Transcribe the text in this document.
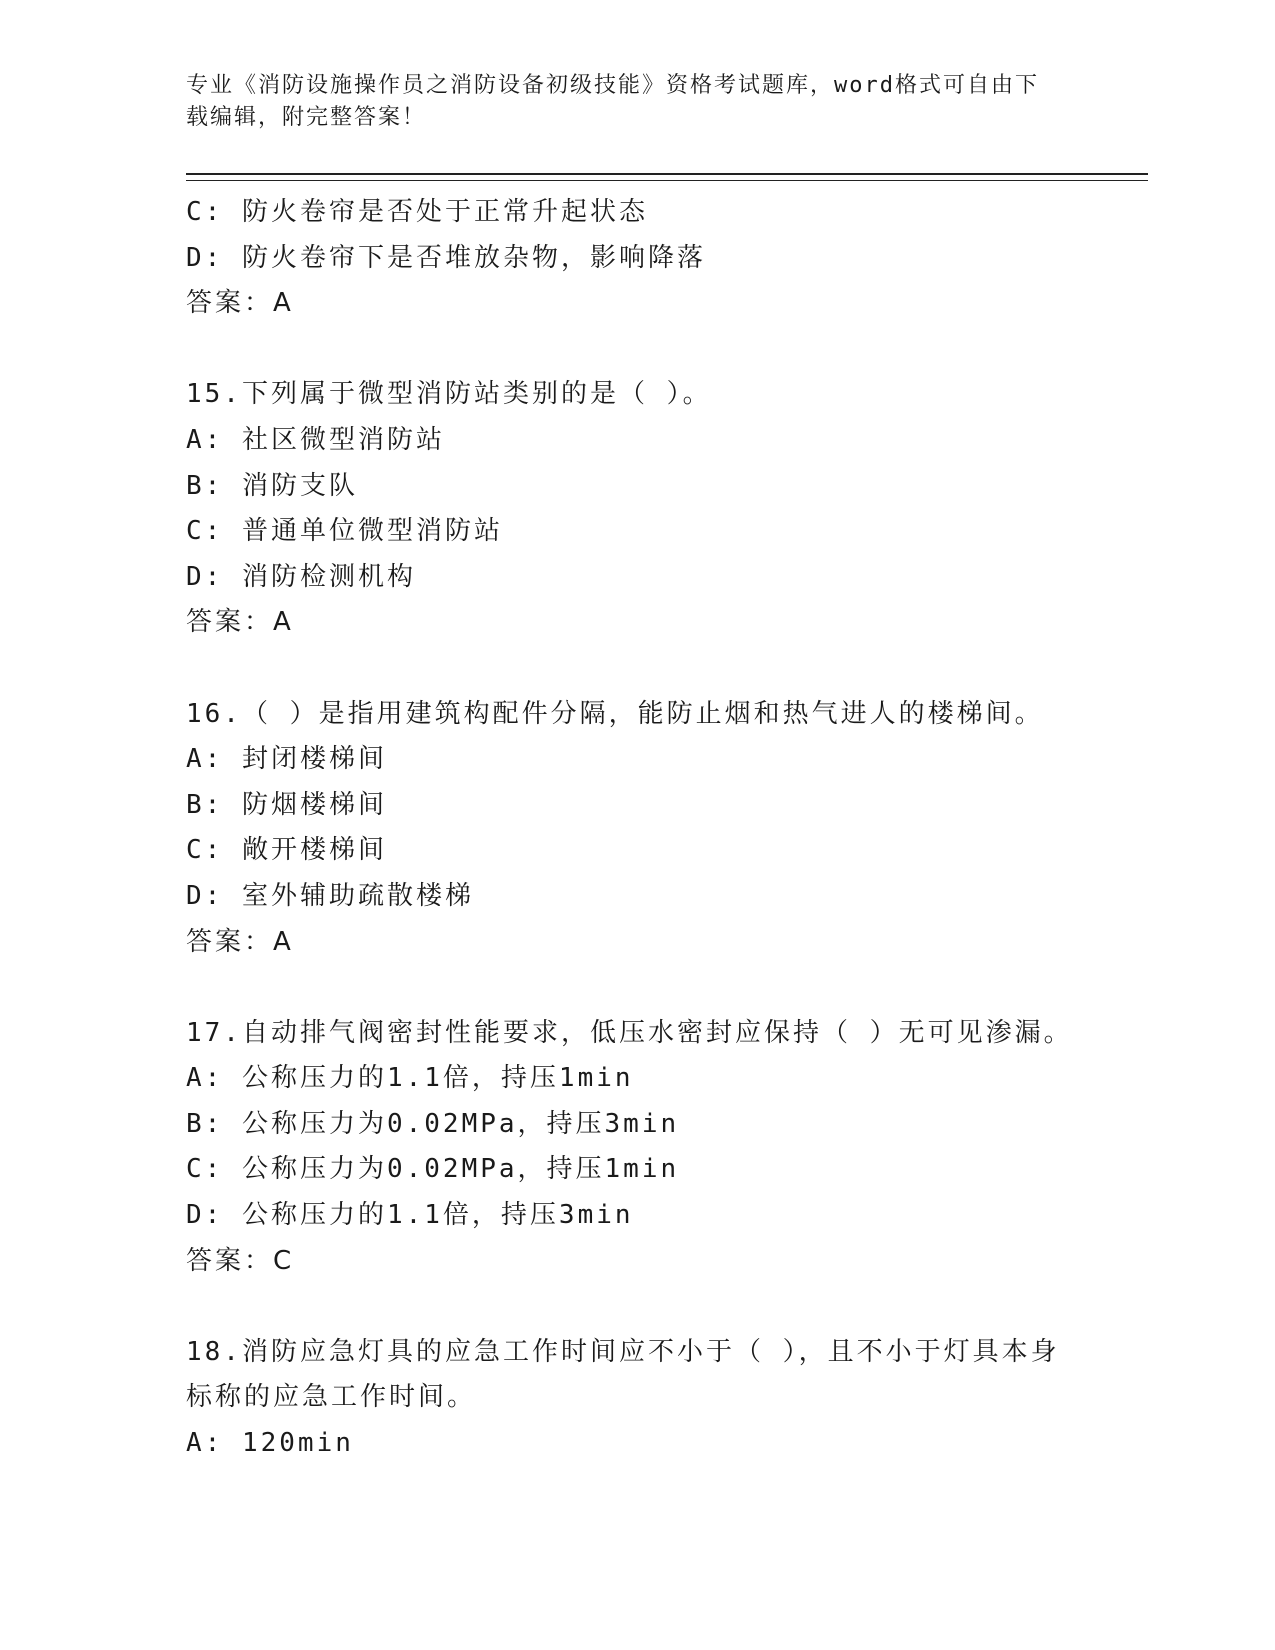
专业《消防设施操作员之消防设备初级技能》资格考试题库，word格式可自由下
载编辑，附完整答案！
C: 防火卷帘是否处于正常升起状态
D: 防火卷帘下是否堆放杂物，影响降落
答案：A
15.下列属于微型消防站类别的是（ ）。
A: 社区微型消防站
B: 消防支队
C: 普通单位微型消防站
D: 消防检测机构
答案：A
16.（ ）是指用建筑构配件分隔，能防止烟和热气进人的楼梯间。
A: 封闭楼梯间
B: 防烟楼梯间
C: 敞开楼梯间
D: 室外辅助疏散楼梯
答案：A
17.自动排气阀密封性能要求，低压水密封应保持（ ）无可见渗漏。
A: 公称压力的1.1倍，持压1min
B: 公称压力为0.02MPa，持压3min
C: 公称压力为0.02MPa，持压1min
D: 公称压力的1.1倍，持压3min
答案：C
18.消防应急灯具的应急工作时间应不小于（ ），且不小于灯具本身
标称的应急工作时间。
A: 120min
